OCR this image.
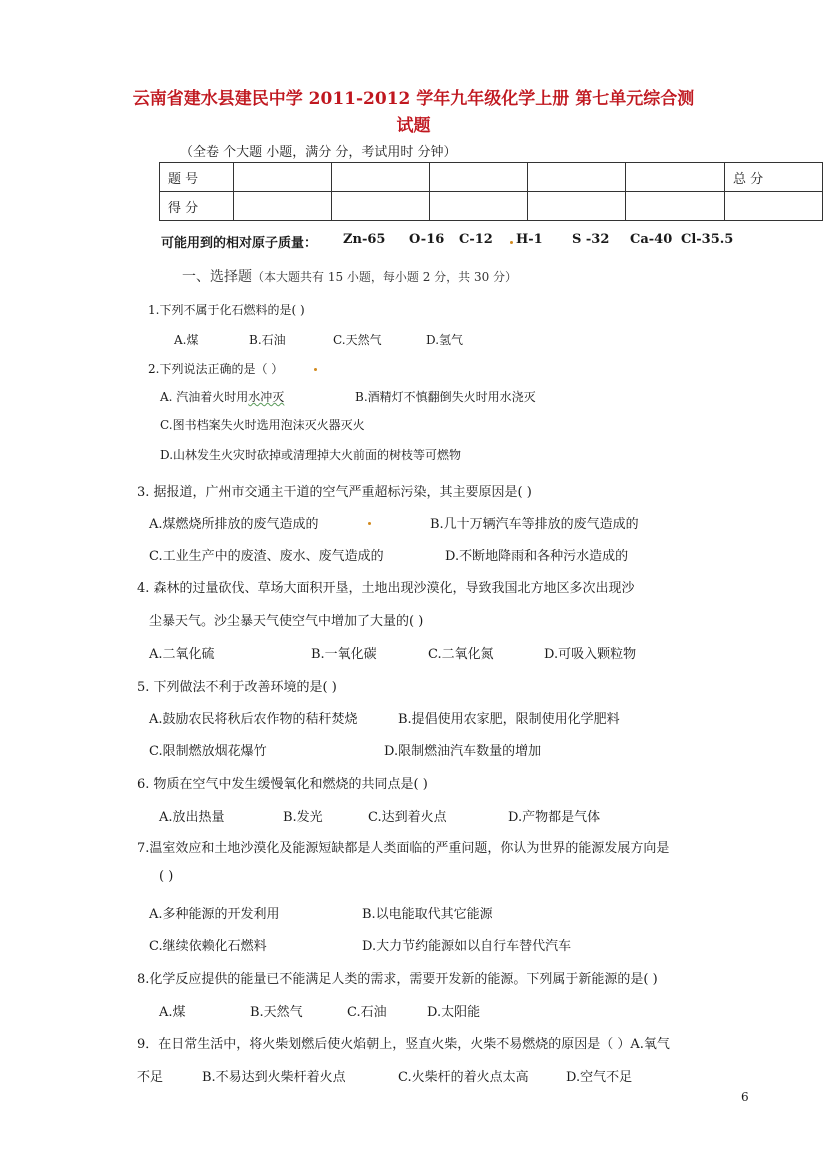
云南省建水县建民中学 2011-2012 学年九年级化学上册 第七单元综合测
试题
（全卷 个大题 小题，满分 分，考试用时 分钟）
题 号						总 分
得 分						
可能用到的相对原子质量： Zn-65 O-16 C-12 H-1 S -32 Ca-40 Cl-35.5
一、选择题（本大题共有 15 小题，每小题 2 分，共 30 分）
1.下列不属于化石燃料的是( )
A.煤	B.石油	C.天然气	D.氢气
2.下列说法正确的是（ ）
A. 汽油着火时用水冲灭	B.酒精灯不慎翻倒失火时用水浇灭
C.图书档案失火时选用泡沫灭火器灭火
D.山林发生火灾时砍掉或清理掉大火前面的树枝等可燃物
3. 据报道，广州市交通主干道的空气严重超标污染，其主要原因是( )
A.煤燃烧所排放的废气造成的	B.几十万辆汽车等排放的废气造成的
C.工业生产中的废渣、废水、废气造成的	D.不断地降雨和各种污水造成的
4. 森林的过量砍伐、草场大面积开垦，土地出现沙漠化，导致我国北方地区多次出现沙
尘暴天气。沙尘暴天气使空气中增加了大量的( )
A.二氧化硫	B.一氧化碳	C.二氧化氮	D.可吸入颗粒物
5. 下列做法不利于改善环境的是( )
A.鼓励农民将秋后农作物的秸秆焚烧	B.提倡使用农家肥，限制使用化学肥料
C.限制燃放烟花爆竹	D.限制燃油汽车数量的增加
6. 物质在空气中发生缓慢氧化和燃烧的共同点是( )
A.放出热量	B.发光	C.达到着火点	D.产物都是气体
7.温室效应和土地沙漠化及能源短缺都是人类面临的严重问题，你认为世界的能源发展方向是
( )
A.多种能源的开发利用	B.以电能取代其它能源
C.继续依赖化石燃料	D.大力节约能源如以自行车替代汽车
8.化学反应提供的能量已不能满足人类的需求，需要开发新的能源。下列属于新能源的是( )
A.煤	B.天然气	C.石油	D.太阳能
9．在日常生活中，将火柴划燃后使火焰朝上，竖直火柴，火柴不易燃烧的原因是（ ）A.氧气
不足	B.不易达到火柴杆着火点	C.火柴杆的着火点太高	D.空气不足
6
